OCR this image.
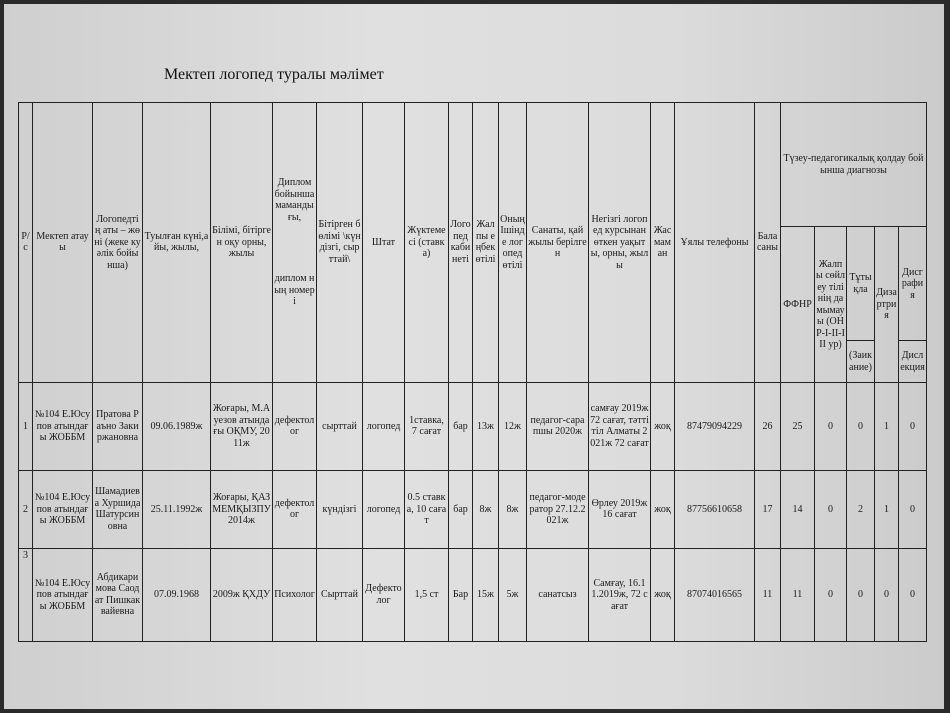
Мектеп логопед туралы мәлімет
Р/с	Мектеп атауы	Логопедтің аты – жөні (жеке куәлік бойынша)	Туылған күні,айы, жылы,	Білімі, бітірген оқу орны, жылы	Диплом бойынша мамандығы,
диплом ның номері	Бітірген бөлімі \күндізгі, сырттай\	Штат	Жүктемесі (ставка)	Логопед кабинеті	Жалпы еңбек өтілі	Оның Ішінде логопед өтілі	Санаты, қай жылы берілген	Негізгі логопед курсынан өткен уақыты, орны, жылы	Жас маман	Ұялы телефоны	Бала саны	Түзеу-педагогикалық қолдау бойынша диагнозы				
																	ФФНР	Жалпы сөйлеу тілінің дамымауы (ОНР-I-II-III ур)	Тұтықла	Дизартрия	Дисграфия
																			(Заикание)		Дислекция
1	№104 Е.Юсупов атындағы ЖОББМ	Пратова Раъно Закиржановна	09.06.1989ж	Жоғары, М.Ауезов атындағы ОҚМУ, 2011ж	дефектолог	сырттай	логопед	1ставка, 7 сағат	бар	13ж	12ж	педагог-сарапшы 2020ж	самғау 2019ж 72 сағат, тәтті тіл Алматы 2021ж 72 сағат	жоқ	87479094229	26	25	0	0	1	0
2	№104 Е.Юсупов атындағы ЖОББМ	Шамадиева Хуршида Шатурсиновна	25.11.1992ж	Жоғары, ҚАЗМЕМҚЫЗПУ 2014ж	дефектолог	күндізгі	логопед	0.5 ставка, 10 сағат	бар	8ж	8ж	педагог-модератор 27.12.2021ж	Өрлеу 2019ж 16 сағат	жоқ	87756610658	17	14	0	2	1	0
3	№104 Е.Юсупов атындағы ЖОББМ	Абдикаримова Саодат Пишкаквайевна	07.09.1968	2009ж ҚХДУ	Психолог	Сырттай	Дефектолог	1,5 ст	Бар	15ж	5ж	санатсыз	Самғау, 16.11.2019ж, 72 сағат	жоқ	87074016565	11	11	0	0	0	0
